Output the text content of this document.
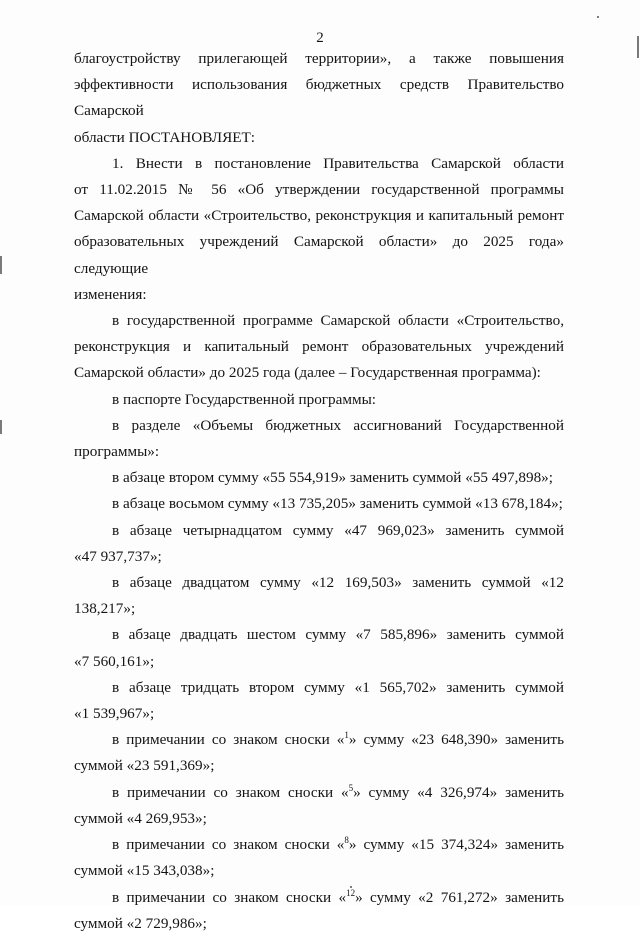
2

благоустройству прилегающей территории», а также повышения

эффективности использования бюджетных средств Правительство Самарской

области ПОСТАНОВЛЯЕТ:

1. Внести в постановление Правительства Самарской области

от 11.02.2015 № 56 «Об утверждении государственной программы

Самарской области «Строительство, реконструкция и капитальный ремонт

образовательных учреждений Самарской области» до 2025 года» следующие

изменения:

в государственной программе Самарской области «Строительство,

реконструкция и капитальный ремонт образовательных учреждений

Самарской области» до 2025 года (далее – Государственная программа):

в паспорте Государственной программы:

в разделе «Объемы бюджетных ассигнований Государственной

программы»:

в абзаце втором сумму «55 554,919» заменить суммой «55 497,898»;

в абзаце восьмом сумму «13 735,205» заменить суммой «13 678,184»;

в абзаце четырнадцатом сумму «47 969,023» заменить суммой

«47 937,737»;

в абзаце двадцатом сумму «12 169,503» заменить суммой «12 138,217»;

в абзаце двадцать шестом сумму «7 585,896» заменить суммой

«7 560,161»;

в абзаце тридцать втором сумму «1 565,702» заменить суммой

«1 539,967»;

в примечании со знаком сноски «$^1$» сумму «23 648,390» заменить

суммой «23 591,369»;

в примечании со знаком сноски «$^5$» сумму «4 326,974» заменить

суммой «4 269,953»;

в примечании со знаком сноски «$^8$» сумму «15 374,324» заменить

суммой «15 343,038»;

в примечании со знаком сноски «$^{12}$» сумму «2 761,272» заменить

суммой «2 729,986»;
